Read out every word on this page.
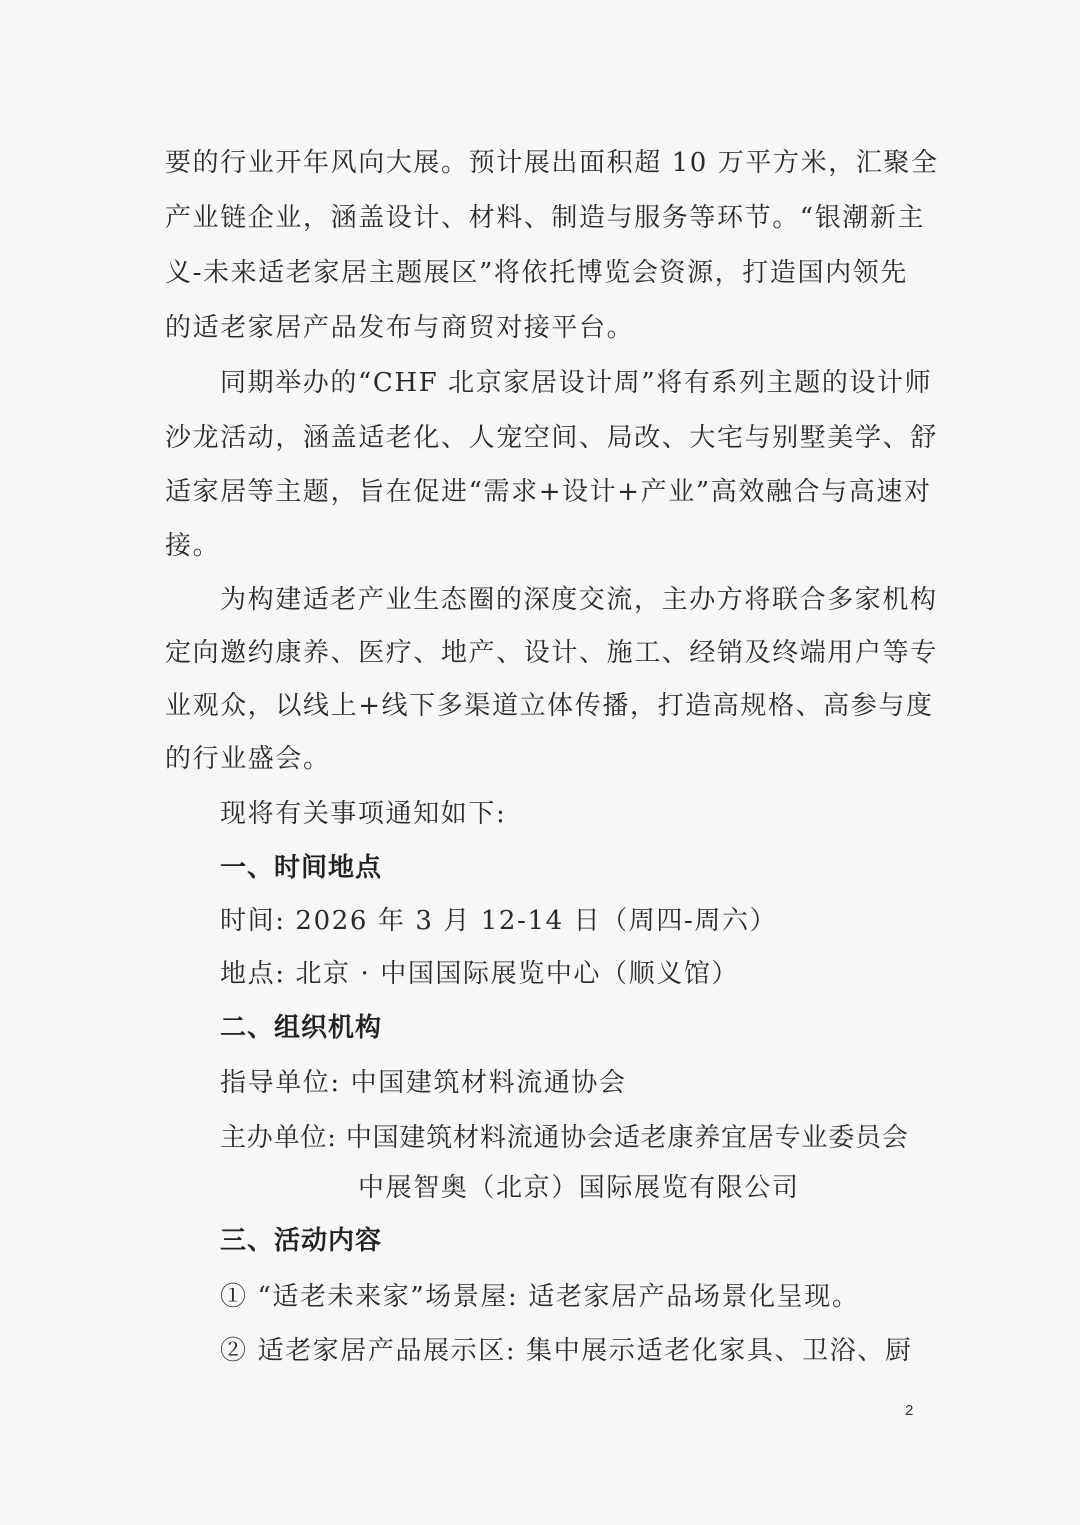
要的行业开年风向大展。预计展出面积超 10 万平方米，汇聚全
产业链企业，涵盖设计、材料、制造与服务等环节。“银潮新主
义-未来适老家居主题展区”将依托博览会资源，打造国内领先
的适老家居产品发布与商贸对接平台。
同期举办的“CHF 北京家居设计周”将有系列主题的设计师
沙龙活动，涵盖适老化、人宠空间、局改、大宅与别墅美学、舒
适家居等主题，旨在促进“需求+设计+产业”高效融合与高速对
接。
为构建适老产业生态圈的深度交流，主办方将联合多家机构
定向邀约康养、医疗、地产、设计、施工、经销及终端用户等专
业观众，以线上+线下多渠道立体传播，打造高规格、高参与度
的行业盛会。
现将有关事项通知如下:
一、时间地点
时间: 2026 年 3 月 12-14 日（周四-周六）
地点: 北京 · 中国国际展览中心（顺义馆）
二、组织机构
指导单位: 中国建筑材料流通协会
主办单位: 中国建筑材料流通协会适老康养宜居专业委员会
中展智奥（北京）国际展览有限公司
三、活动内容
① “适老未来家”场景屋: 适老家居产品场景化呈现。
② 适老家居产品展示区: 集中展示适老化家具、卫浴、厨
2
